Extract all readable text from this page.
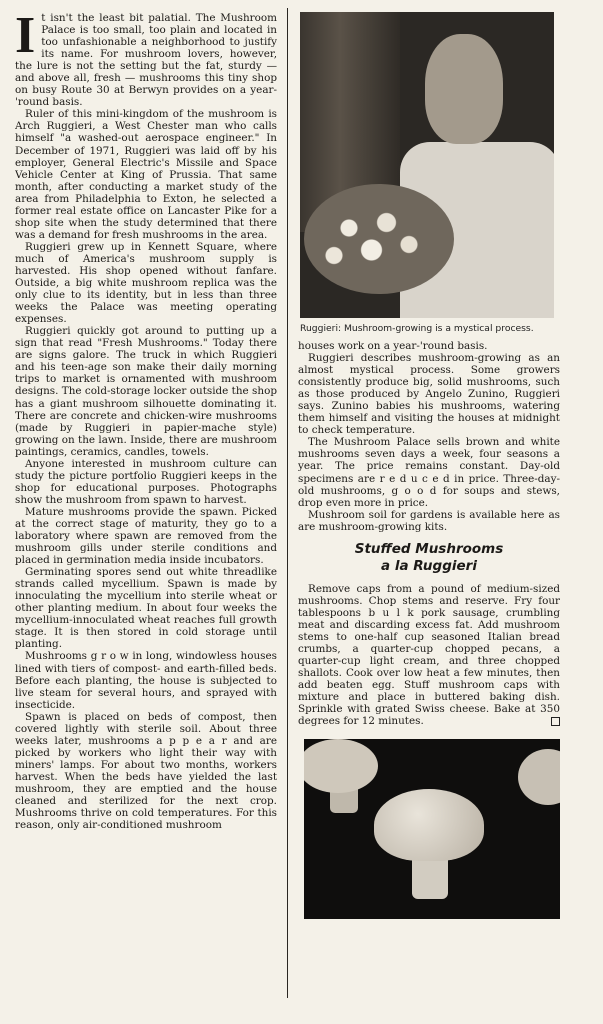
It isn't the least bit palatial. The Mushroom Palace is too small, too plain and located in too unfashionable a neighborhood to justify its name. For mushroom lovers, however, the lure is not the setting but the fat, sturdy — and above all, fresh — mushrooms this tiny shop on busy Route 30 at Berwyn provides on a year-'round basis.

Ruler of this mini-kingdom of the mushroom is Arch Ruggieri, a West Chester man who calls himself "a washed-out aerospace engineer." In December of 1971, Ruggieri was laid off by his employer, General Electric's Missile and Space Vehicle Center at King of Prussia. That same month, after conducting a market study of the area from Philadelphia to Exton, he selected a former real estate office on Lancaster Pike for a shop site when the study determined that there was a demand for fresh mushrooms in the area.

Ruggieri grew up in Kennett Square, where much of America's mushroom supply is harvested. His shop opened without fanfare. Outside, a big white mushroom replica was the only clue to its identity, but in less than three weeks the Palace was meeting operating expenses.

Ruggieri quickly got around to putting up a sign that read "Fresh Mushrooms." Today there are signs galore. The truck in which Ruggieri and his teen-age son make their daily morning trips to market is ornamented with mushroom designs. The cold-storage locker outside the shop has a giant mushroom silhouette dominating it. There are concrete and chicken-wire mushrooms (made by Ruggieri in papier-mache style) growing on the lawn. Inside, there are mushroom paintings, ceramics, candles, towels.

Anyone interested in mushroom culture can study the picture portfolio Ruggieri keeps in the shop for educational purposes. Photographs show the mushroom from spawn to harvest.

Mature mushrooms provide the spawn. Picked at the correct stage of maturity, they go to a laboratory where spawn are removed from the mushroom gills under sterile conditions and placed in germination media inside incubators.

Germinating spores send out white threadlike strands called mycellium. Spawn is made by innoculating the mycellium into sterile wheat or other planting medium. In about four weeks the mycellium-innoculated wheat reaches full growth stage. It is then stored in cold storage until planting.

Mushrooms g r o w in long, windowless houses lined with tiers of compost- and earth-filled beds. Before each planting, the house is subjected to live steam for several hours, and sprayed with insecticide.

Spawn is placed on beds of compost, then covered lightly with sterile soil. About three weeks later, mushrooms a p p e a r and are picked by workers who light their way with miners' lamps. For about two months, workers harvest. When the beds have yielded the last mushroom, they are emptied and the house cleaned and sterilized for the next crop. Mushrooms thrive on cold temperatures. For this reason, only air-conditioned mushroom

Ruggieri: Mushroom-growing is a mystical process.

houses work on a year-'round basis.

Ruggieri describes mushroom-growing as an almost mystical process. Some growers consistently produce big, solid mushrooms, such as those produced by Angelo Zunino, Ruggieri says. Zunino babies his mushrooms, watering them himself and visiting the houses at midnight to check temperature.

The Mushroom Palace sells brown and white mushrooms seven days a week, four seasons a year. The price remains constant. Day-old specimens are r e d u c e d in price. Three-day-old mushrooms, g o o d for soups and stews, drop even more in price.

Mushroom soil for gardens is available here as are mushroom-growing kits.

Stuffed Mushrooms
a la Ruggieri

Remove caps from a pound of medium-sized mushrooms. Chop stems and reserve. Fry four tablespoons b u l k pork sausage, crumbling meat and discarding excess fat. Add mushroom stems to one-half cup seasoned Italian bread crumbs, a quarter-cup chopped pecans, a quarter-cup light cream, and three chopped shallots. Cook over low heat a few minutes, then add beaten egg. Stuff mushroom caps with mixture and place in buttered baking dish. Sprinkle with grated Swiss cheese. Bake at 350 degrees for 12 minutes.
